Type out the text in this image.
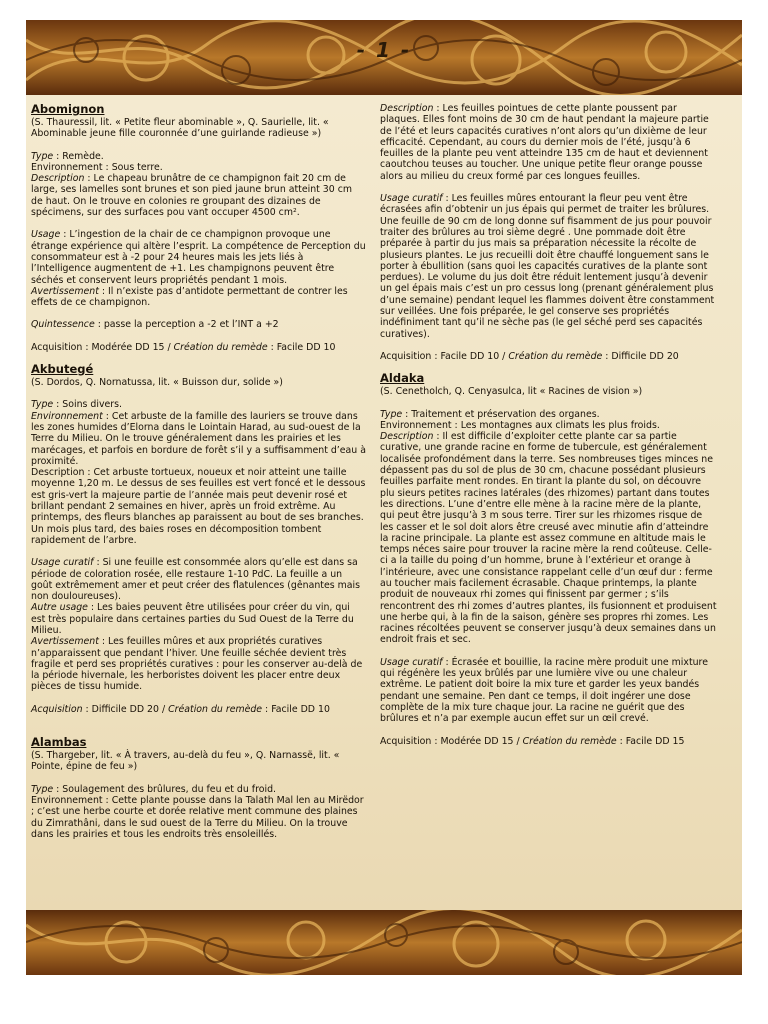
- 1 -
Abomignon

(S. Thauressil, lit. « Petite fleur abominable », Q. Saurielle, lit. « Abominable jeune fille couronnée d’une guirlande radieuse »)

Type : Remède.

Environnement : Sous terre.

Description : Le chapeau brunâtre de ce champignon fait 20 cm de large, ses lamelles sont brunes et son pied jaune brun atteint 30 cm de haut. On le trouve en colonies re groupant des dizaines de spécimens, sur des surfaces pou vant occuper 4500 cm².

Usage : L’ingestion de la chair de ce champignon provoque une étrange expérience qui altère l’esprit. La compétence de Perception du consommateur est à -2 pour 24 heures mais les jets liés à l’Intelligence augmentent de +1. Les champignons peuvent être séchés et conservent leurs propriétés pendant 1 mois.

Avertissement : Il n’existe pas d’antidote permettant de contrer les effets de ce champignon.

Quintessence : passe la perception a -2 et l’INT a +2

Acquisition : Modérée DD 15 / Création du remède : Facile DD 10

Akbutegé

(S. Dordos, Q. Nornatussa, lit. « Buisson dur, solide »)

Type : Soins divers.

Environnement : Cet arbuste de la famille des lauriers se trouve dans les zones humides d’Elorna dans le Lointain Harad, au sud-ouest de la Terre du Milieu. On le trouve généralement dans les prairies et les marécages, et parfois en bordure de forêt s’il y a suffisamment d’eau à proximité.

Description : Cet arbuste tortueux, noueux et noir atteint une taille moyenne 1,20 m. Le dessus de ses feuilles est vert foncé et le dessous est gris-vert la majeure partie de l’année mais peut devenir rosé et brillant pendant 2 semaines en hiver, après un froid extrême. Au printemps, des fleurs blanches ap paraissent au bout de ses branches. Un mois plus tard, des baies roses en décomposition tombent rapidement de l’arbre.

Usage curatif : Si une feuille est consommée alors qu’elle est dans sa période de coloration rosée, elle restaure 1-10 PdC. La feuille a un goût extrêmement amer et peut créer des flatulences (gênantes mais non douloureuses).

Autre usage : Les baies peuvent être utilisées pour créer du vin, qui est très populaire dans certaines parties du Sud Ouest de la Terre du Milieu.

Avertissement : Les feuilles mûres et aux propriétés curatives n’apparaissent que pendant l’hiver. Une feuille séchée devient très fragile et perd ses propriétés curatives : pour les conserver au-delà de la période hivernale, les herboristes doivent les placer entre deux pièces de tissu humide.

Acquisition : Difficile DD 20 / Création du remède : Facile DD 10

Alambas

(S. Thargeber, lit. « À travers, au-delà du feu », Q. Narnassë, lit. « Pointe, épine de feu »)

Type : Soulagement des brûlures, du feu et du froid.

Environnement : Cette plante pousse dans la Talath Mal len au Mirëdor ; c’est une herbe courte et dorée relative ment commune des plaines du Zimrathâni, dans le sud ouest de la Terre du Milieu. On la trouve dans les prairies et tous les endroits très ensoleillés.

Description : Les feuilles pointues de cette plante poussent par plaques. Elles font moins de 30 cm de haut pendant la majeure partie de l’été et leurs capacités curatives n’ont alors qu’un dixième de leur efficacité. Cependant, au cours du dernier mois de l’été, jusqu’à 6 feuilles de la plante peu vent atteindre 135 cm de haut et deviennent caoutchou teuses au toucher. Une unique petite fleur orange pousse alors au milieu du creux formé par ces longues feuilles.

Usage curatif : Les feuilles mûres entourant la fleur peu vent être écrasées afin d’obtenir un jus épais qui permet de traiter les brûlures. Une feuille de 90 cm de long donne suf fisamment de jus pour pouvoir traiter des brûlures au troi sième degré . Une pommade doit être préparée à partir du jus mais sa préparation nécessite la récolte de plusieurs plantes. Le jus recueilli doit être chauffé longuement sans le porter à ébullition (sans quoi les capacités curatives de la plante sont perdues). Le volume du jus doit être réduit lentement jusqu’à devenir un gel épais mais c’est un pro cessus long (prenant généralement plus d’une semaine) pendant lequel les flammes doivent être constamment sur veillées. Une fois préparée, le gel conserve ses propriétés indéfiniment tant qu’il ne sèche pas (le gel séché perd ses capacités curatives).

Acquisition : Facile DD 10 / Création du remède : Difficile DD 20

Aldaka

(S. Cenetholch, Q. Cenyasulca, lit « Racines de vision »)

Type : Traitement et préservation des organes.

Environnement : Les montagnes aux climats les plus froids.

Description : Il est difficile d’exploiter cette plante car sa partie curative, une grande racine en forme de tubercule, est généralement localisée profondément dans la terre. Ses nombreuses tiges minces ne dépassent pas du sol de plus de 30 cm, chacune possédant plusieurs feuilles parfaite ment rondes. En tirant la plante du sol, on découvre plu sieurs petites racines latérales (des rhizomes) partant dans toutes les directions. L’une d’entre elle mène à la racine mère de la plante, qui peut être jusqu’à 3 m sous terre. Tirer sur les rhizomes risque de les casser et le sol doit alors être creusé avec minutie afin d’atteindre la racine principale. La plante est assez commune en altitude mais le temps néces saire pour trouver la racine mère la rend coûteuse. Celle-ci a la taille du poing d’un homme, brune à l’extérieur et orange à l’intérieure, avec une consistance rappelant celle d’un œuf dur : ferme au toucher mais facilement écrasable. Chaque printemps, la plante produit de nouveaux rhi zomes qui finissent par germer ; s’ils rencontrent des rhi zomes d’autres plantes, ils fusionnent et produisent une herbe qui, à la fin de la saison, génère ses propres rhi zomes. Les racines récoltées peuvent se conserver jusqu’à deux semaines dans un endroit frais et sec.

Usage curatif : Écrasée et bouillie, la racine mère produit une mixture qui régénère les yeux brûlés par une lumière vive ou une chaleur extrême. Le patient doit boire la mix ture et garder les yeux bandés pendant une semaine. Pen dant ce temps, il doit ingérer une dose complète de la mix ture chaque jour. La racine ne guérit que des brûlures et n’a par exemple aucun effet sur un œil crevé.

Acquisition : Modérée DD 15 / Création du remède : Facile DD 15
